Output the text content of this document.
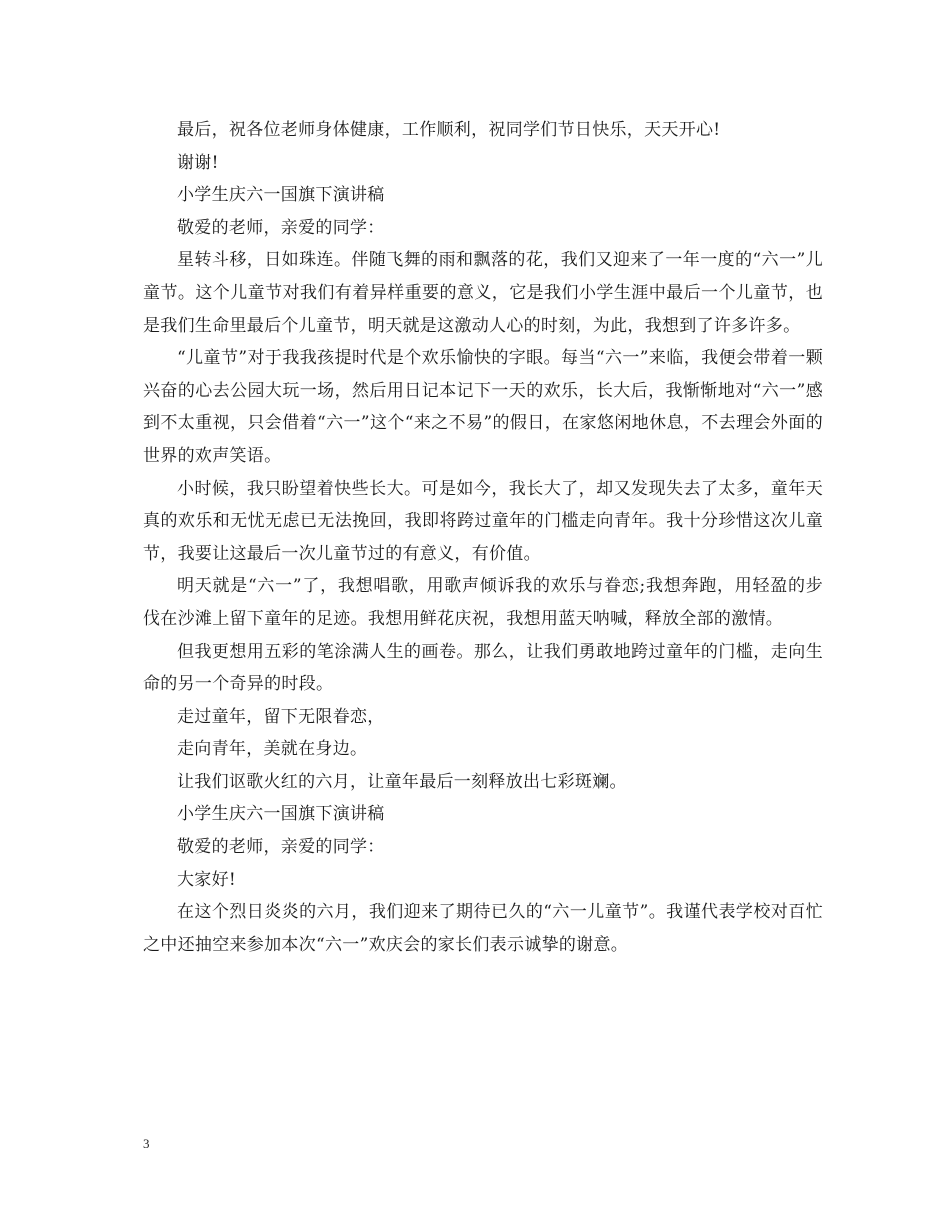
最后，祝各位老师身体健康，工作顺利，祝同学们节日快乐，天天开心!

谢谢!

小学生庆六一国旗下演讲稿

敬爱的老师，亲爱的同学：

星转斗移，日如珠连。伴随飞舞的雨和飘落的花，我们又迎来了一年一度的“六一”儿童节。这个儿童节对我们有着异样重要的意义，它是我们小学生涯中最后一个儿童节，也是我们生命里最后个儿童节，明天就是这激动人心的时刻，为此，我想到了许多许多。

“儿童节”对于我我孩提时代是个欢乐愉快的字眼。每当“六一”来临，我便会带着一颗兴奋的心去公园大玩一场，然后用日记本记下一天的欢乐，长大后，我惭惭地对“六一”感到不太重视，只会借着“六一”这个“来之不易”的假日，在家悠闲地休息，不去理会外面的世界的欢声笑语。

小时候，我只盼望着快些长大。可是如今，我长大了，却又发现失去了太多，童年天真的欢乐和无忧无虑已无法挽回，我即将跨过童年的门槛走向青年。我十分珍惜这次儿童节，我要让这最后一次儿童节过的有意义，有价值。

明天就是“六一”了，我想唱歌，用歌声倾诉我的欢乐与眷恋;我想奔跑，用轻盈的步伐在沙滩上留下童年的足迹。我想用鲜花庆祝，我想用蓝天呐喊，释放全部的激情。

但我更想用五彩的笔涂满人生的画卷。那么，让我们勇敢地跨过童年的门槛，走向生命的另一个奇异的时段。

走过童年，留下无限眷恋，

走向青年，美就在身边。

让我们讴歌火红的六月，让童年最后一刻释放出七彩斑斓。

小学生庆六一国旗下演讲稿

敬爱的老师，亲爱的同学：

大家好!

在这个烈日炎炎的六月，我们迎来了期待已久的“六一儿童节”。我谨代表学校对百忙之中还抽空来参加本次“六一”欢庆会的家长们表示诚挚的谢意。

3
